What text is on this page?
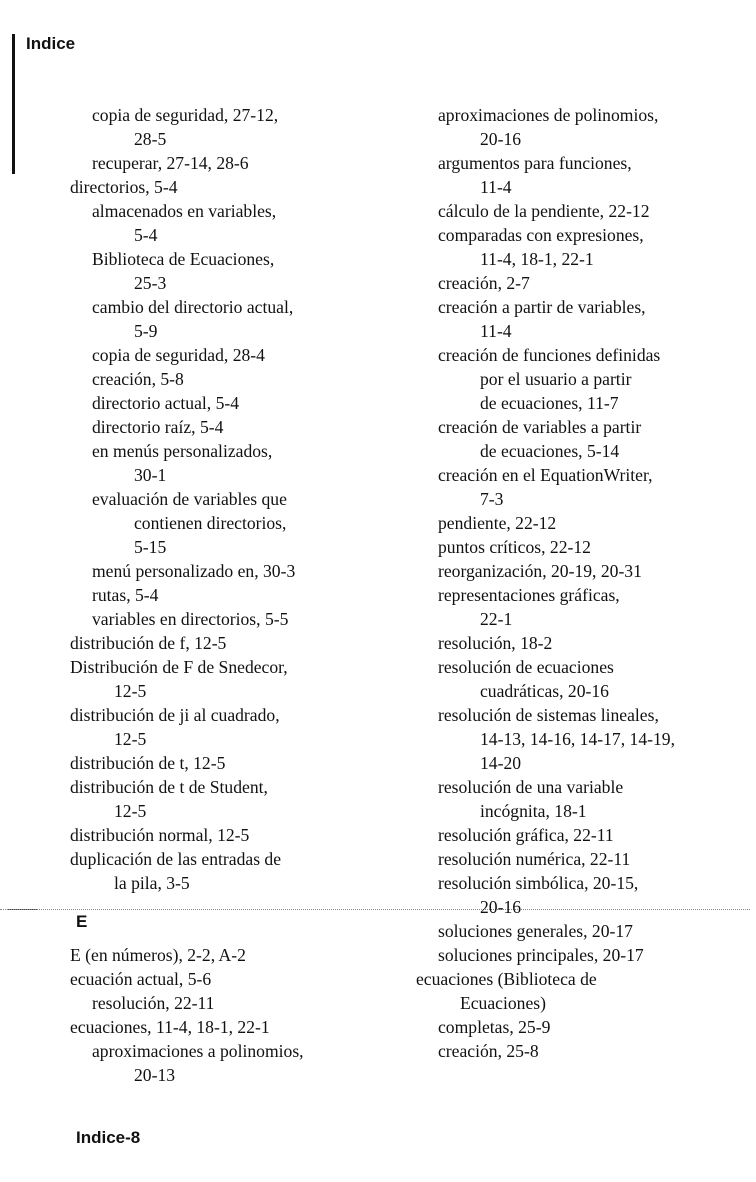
Indice
copia de seguridad, 27-12,
28-5
recuperar, 27-14, 28-6
directorios, 5-4
almacenados en variables,
5-4
Biblioteca de Ecuaciones,
25-3
cambio del directorio actual,
5-9
copia de seguridad, 28-4
creación, 5-8
directorio actual, 5-4
directorio raíz, 5-4
en menús personalizados,
30-1
evaluación de variables que
contienen directorios,
5-15
menú personalizado en, 30-3
rutas, 5-4
variables en directorios, 5-5
distribución de f, 12-5
Distribución de F de Snedecor,
12-5
distribución de ji al cuadrado,
12-5
distribución de t, 12-5
distribución de t de Student,
12-5
distribución normal, 12-5
duplicación de las entradas de
la pila, 3-5
E
E (en números), 2-2, A-2
ecuación actual, 5-6
resolución, 22-11
ecuaciones, 11-4, 18-1, 22-1
aproximaciones a polinomios,
20-13
aproximaciones de polinomios,
20-16
argumentos para funciones,
11-4
cálculo de la pendiente, 22-12
comparadas con expresiones,
11-4, 18-1, 22-1
creación, 2-7
creación a partir de variables,
11-4
creación de funciones definidas
por el usuario a partir
de ecuaciones, 11-7
creación de variables a partir
de ecuaciones, 5-14
creación en el EquationWriter,
7-3
pendiente, 22-12
puntos críticos, 22-12
reorganización, 20-19, 20-31
representaciones gráficas,
22-1
resolución, 18-2
resolución de ecuaciones
cuadráticas, 20-16
resolución de sistemas lineales,
14-13, 14-16, 14-17, 14-19,
14-20
resolución de una variable
incógnita, 18-1
resolución gráfica, 22-11
resolución numérica, 22-11
resolución simbólica, 20-15,
20-16
soluciones generales, 20-17
soluciones principales, 20-17
ecuaciones (Biblioteca de
Ecuaciones)
completas, 25-9
creación, 25-8
Indice-8
